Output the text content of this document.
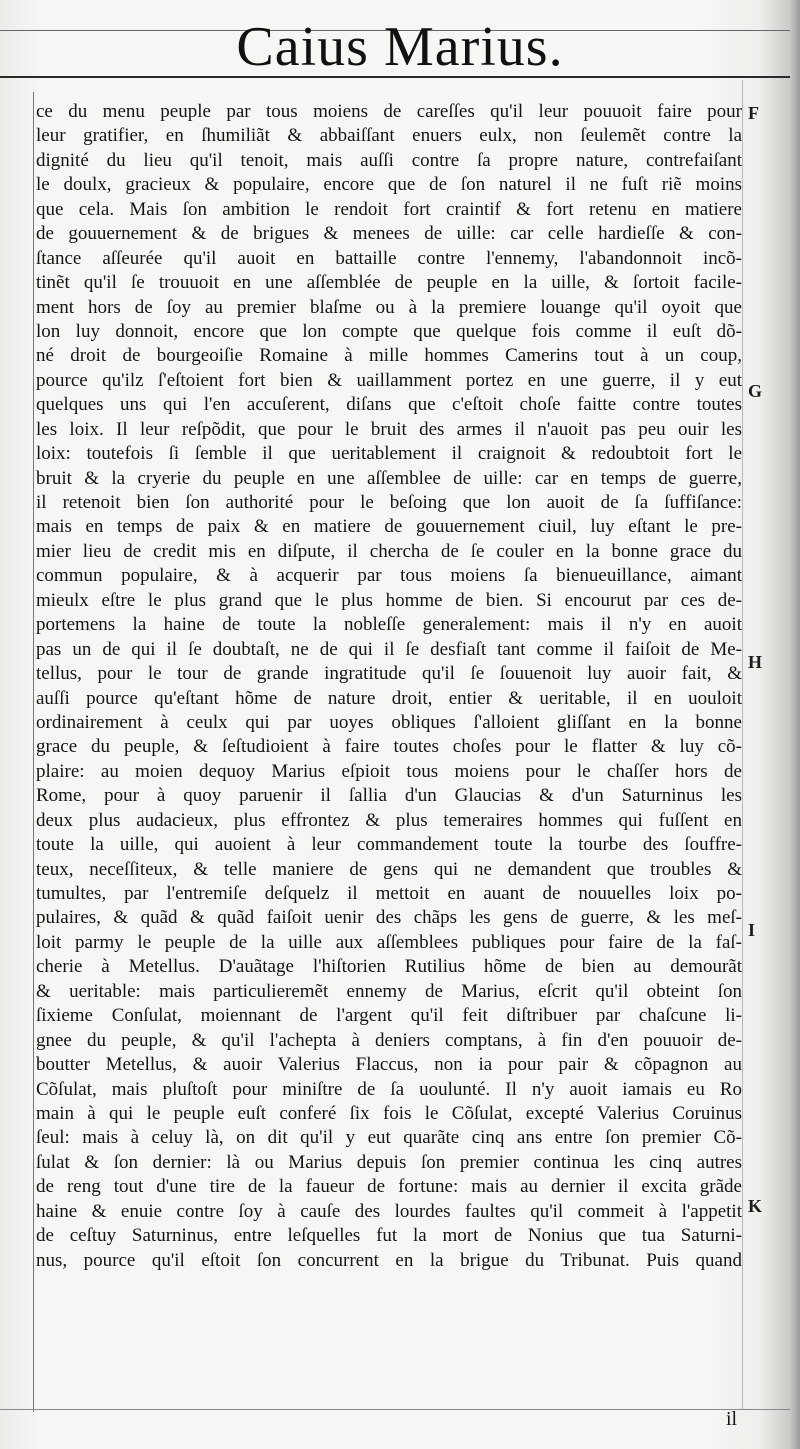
Caius Marius.
ce du menu peuple par tous moiens de careſſes qu'il leur pouuoit faire pour
leur gratifier, en ſhumiliãt & abbaiſſant enuers eulx, non ſeulemẽt contre la
dignité du lieu qu'il tenoit, mais auſſi contre ſa propre nature, contrefaiſant
le doulx, gracieux & populaire, encore que de ſon naturel il ne fuſt riẽ moins
que cela. Mais ſon ambition le rendoit fort craintif & fort retenu en matiere
de gouuernement & de brigues & menees de uille: car celle hardieſſe & con-
ſtance aſſeurée qu'il auoit en battaille contre l'ennemy, l'abandonnoit incõ-
tinẽt qu'il ſe trouuoit en une aſſemblée de peuple en la uille, & ſortoit facile-
ment hors de ſoy au premier blaſme ou à la premiere louange qu'il oyoit que
lon luy donnoit, encore que lon compte que quelque fois comme il euſt dõ-
né droit de bourgeoiſie Romaine à mille hommes Camerins tout à un coup,
pource qu'ilz ſ'eſtoient fort bien & uaillamment portez en une guerre, il y eut
quelques uns qui l'en accuſerent, diſans que c'eſtoit choſe faitte contre toutes
les loix. Il leur reſpõdit, que pour le bruit des armes il n'auoit pas peu ouir les
loix: toutefois ſi ſemble il que ueritablement il craignoit & redoubtoit fort le
bruit & la cryerie du peuple en une aſſemblee de uille: car en temps de guerre,
il retenoit bien ſon authorité pour le beſoing que lon auoit de ſa ſuffiſance:
mais en temps de paix & en matiere de gouuernement ciuil, luy eſtant le pre-
mier lieu de credit mis en diſpute, il chercha de ſe couler en la bonne grace du
commun populaire, & à acquerir par tous moiens ſa bienueuillance, aimant
mieulx eſtre le plus grand que le plus homme de bien. Si encourut par ces de-
portemens la haine de toute la nobleſſe generalement: mais il n'y en auoit
pas un de qui il ſe doubtaſt, ne de qui il ſe desfiaſt tant comme il faiſoit de Me-
tellus, pour le tour de grande ingratitude qu'il ſe ſouuenoit luy auoir fait, &
auſſi pource qu'eſtant hõme de nature droit, entier & ueritable, il en uouloit
ordinairement à ceulx qui par uoyes obliques ſ'alloient gliſſant en la bonne
grace du peuple, & ſeſtudioient à faire toutes choſes pour le flatter & luy cõ-
plaire: au moien dequoy Marius eſpioit tous moiens pour le chaſſer hors de
Rome, pour à quoy paruenir il ſallia d'un Glaucias & d'un Saturninus les
deux plus audacieux, plus effrontez & plus temeraires hommes qui fuſſent en
toute la uille, qui auoient à leur commandement toute la tourbe des ſouffre-
teux, neceſſiteux, & telle maniere de gens qui ne demandent que troubles &
tumultes, par l'entremiſe deſquelz il mettoit en auant de nouuelles loix po-
pulaires, & quãd & quãd faiſoit uenir des chãps les gens de guerre, & les meſ-
loit parmy le peuple de la uille aux aſſemblees publiques pour faire de la faſ-
cherie à Metellus. D'auãtage l'hiſtorien Rutilius hõme de bien au demourãt
& ueritable: mais particulieremẽt ennemy de Marius, eſcrit qu'il obteint ſon
ſixieme Conſulat, moiennant de l'argent qu'il feit diſtribuer par chaſcune li-
gnee du peuple, & qu'il l'achepta à deniers comptans, à fin d'en pouuoir de-
boutter Metellus, & auoir Valerius Flaccus, non ia pour pair & cõpagnon au
Cõſulat, mais pluſtoſt pour miniſtre de ſa uoulunté. Il n'y auoit iamais eu Ro
main à qui le peuple euſt conferé ſix fois le Cõſulat, excepté Valerius Coruinus
ſeul: mais à celuy là, on dit qu'il y eut quarãte cinq ans entre ſon premier Cõ-
ſulat & ſon dernier: là ou Marius depuis ſon premier continua les cinq autres
de reng tout d'une tire de la faueur de fortune: mais au dernier il excita grãde
haine & enuie contre ſoy à cauſe des lourdes faultes qu'il commeit à l'appetit
de ceſtuy Saturninus, entre leſquelles fut la mort de Nonius que tua Saturni-
nus, pource qu'il eſtoit ſon concurrent en la brigue du Tribunat. Puis quand
F
G
H
I
K
il
